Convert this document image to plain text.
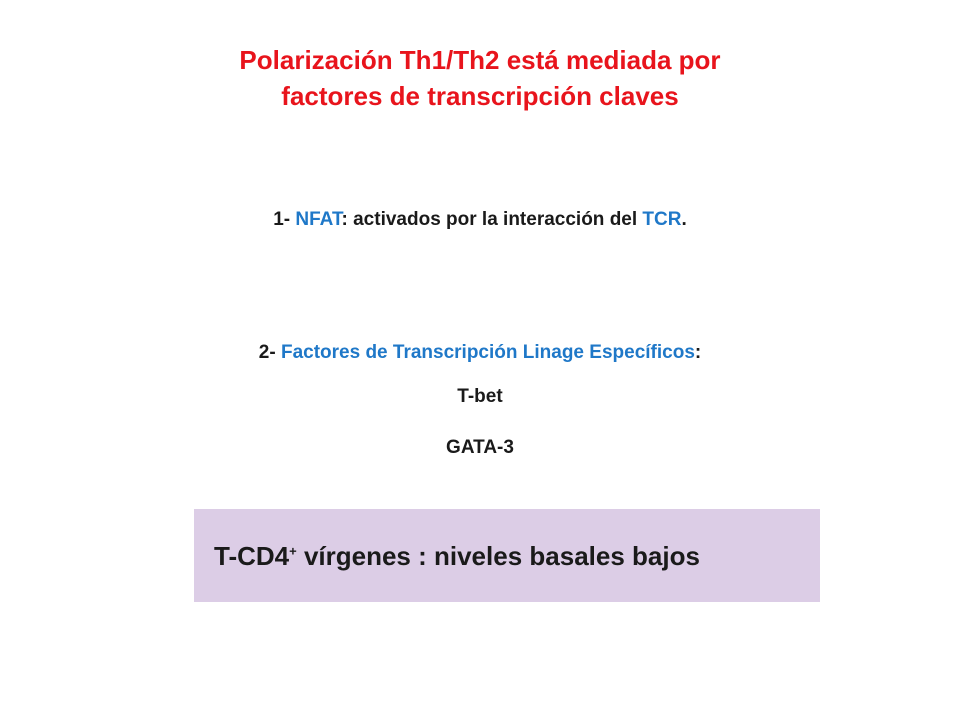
Polarización Th1/Th2 está mediada por
factores de transcripción claves
1- NFAT: activados por la interacción del TCR.
2- Factores de Transcripción Linage Específicos:
T-bet
GATA-3
T-CD4+ vírgenes : niveles basales bajos
